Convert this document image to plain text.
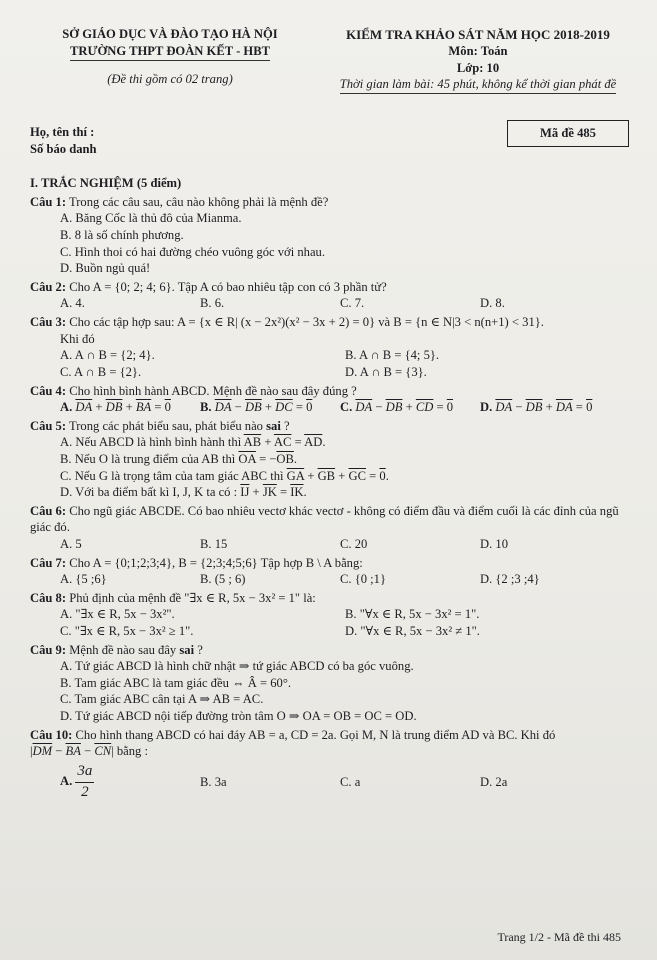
SỞ GIÁO DỤC VÀ ĐÀO TẠO HÀ NỘI
TRƯỜNG THPT ĐOÀN KẾT - HBT
(Đề thi gồm có 02 trang)
KIỂM TRA KHẢO SÁT NĂM HỌC 2018-2019
Môn: Toán
Lớp: 10
Thời gian làm bài: 45 phút, không kể thời gian phát đề
Họ, tên thí :
Số báo danh
Mã đề 485
I. TRẮC NGHIỆM (5 điểm)
Câu 1: Trong các câu sau, câu nào không phải là mệnh đề?
A. Băng Cốc là thủ đô của Mianma.
B. 8 là số chính phương.
C. Hình thoi có hai đường chéo vuông góc với nhau.
D. Buồn ngủ quá!
Câu 2: Cho A = {0; 2; 4; 6}. Tập A có bao nhiêu tập con có 3 phần tử?
A. 4.	B. 6.	C. 7.	D. 8.
Câu 3: Cho các tập hợp sau: A = {x ∈ R| (x − 2x²)(x² − 3x + 2) = 0} và B = {n ∈ N|3 < n(n+1) < 31}.
Khi đó
A. A ∩ B = {2; 4}.	B. A ∩ B = {4; 5}.
C. A ∩ B = {2}.	D. A ∩ B = {3}.
Câu 4: Cho hình bình hành ABCD. Mệnh đề nào sau đây đúng ?
A. $\overline{DA} + \overline{DB} + \overline{BA} = 0$	B. $\overline{DA} - \overline{DB} + \overline{DC} = 0$	C. $\overline{DA} - \overline{DB} + \overline{CD} = 0$	D. $\overline{DA} - \overline{DB} + \overline{DA} = 0$
Câu 5: Trong các phát biểu sau, phát biểu nào sai ?
A. Nếu ABCD là hình bình hành thì $\overline{AB} + \overline{AC} = \overline{AD}$.
B. Nếu O là trung điểm của AB thì $\overline{OA} = -\overline{OB}$.
C. Nếu G là trọng tâm của tam giác ABC thì $\overline{GA} + \overline{GB} + \overline{GC} = 0$.
D. Với ba điểm bất kì I, J, K ta có : $\overline{IJ} + \overline{JK} = \overline{IK}$.
Câu 6: Cho ngũ giác ABCDE. Có bao nhiêu vectơ khác vectơ - không có điểm đầu và điểm cuối là các đỉnh của ngũ giác đó.
A. 5	B. 15	C. 20	D. 10
Câu 7: Cho A = {0;1;2;3;4}, B = {2;3;4;5;6} Tập hợp B \ A bằng:
A. {5 ;6}	B. (5 ; 6)	C. {0 ;1}	D. {2 ;3 ;4}
Câu 8: Phủ định của mệnh đề "∃x ∈ R, 5x − 3x² = 1" là:
A. "∃x ∈ R, 5x − 3x²".	B. "∀x ∈ R, 5x − 3x² = 1".
C. "∃x ∈ R, 5x − 3x² ≥ 1".	D. "∀x ∈ R, 5x − 3x² ≠ 1".
Câu 9: Mệnh đề nào sau đây sai ?
A. Tứ giác ABCD là hình chữ nhật ⇒ tứ giác ABCD có ba góc vuông.
B. Tam giác ABC là tam giác đều ⇔ Â = 60°.
C. Tam giác ABC cân tại A ⇒ AB = AC.
D. Tứ giác ABCD nội tiếp đường tròn tâm O ⇒ OA = OB = OC = OD.
Câu 10: Cho hình thang ABCD có hai đáy AB = a, CD = 2a. Gọi M, N là trung điểm AD và BC. Khi đó
$|\overline{DM} - \overline{BA} - \overline{CN}|$ bằng :
A. $\frac{3a}{2}$	B. 3a	C. a	D. 2a
Trang 1/2 - Mã đề thi 485
